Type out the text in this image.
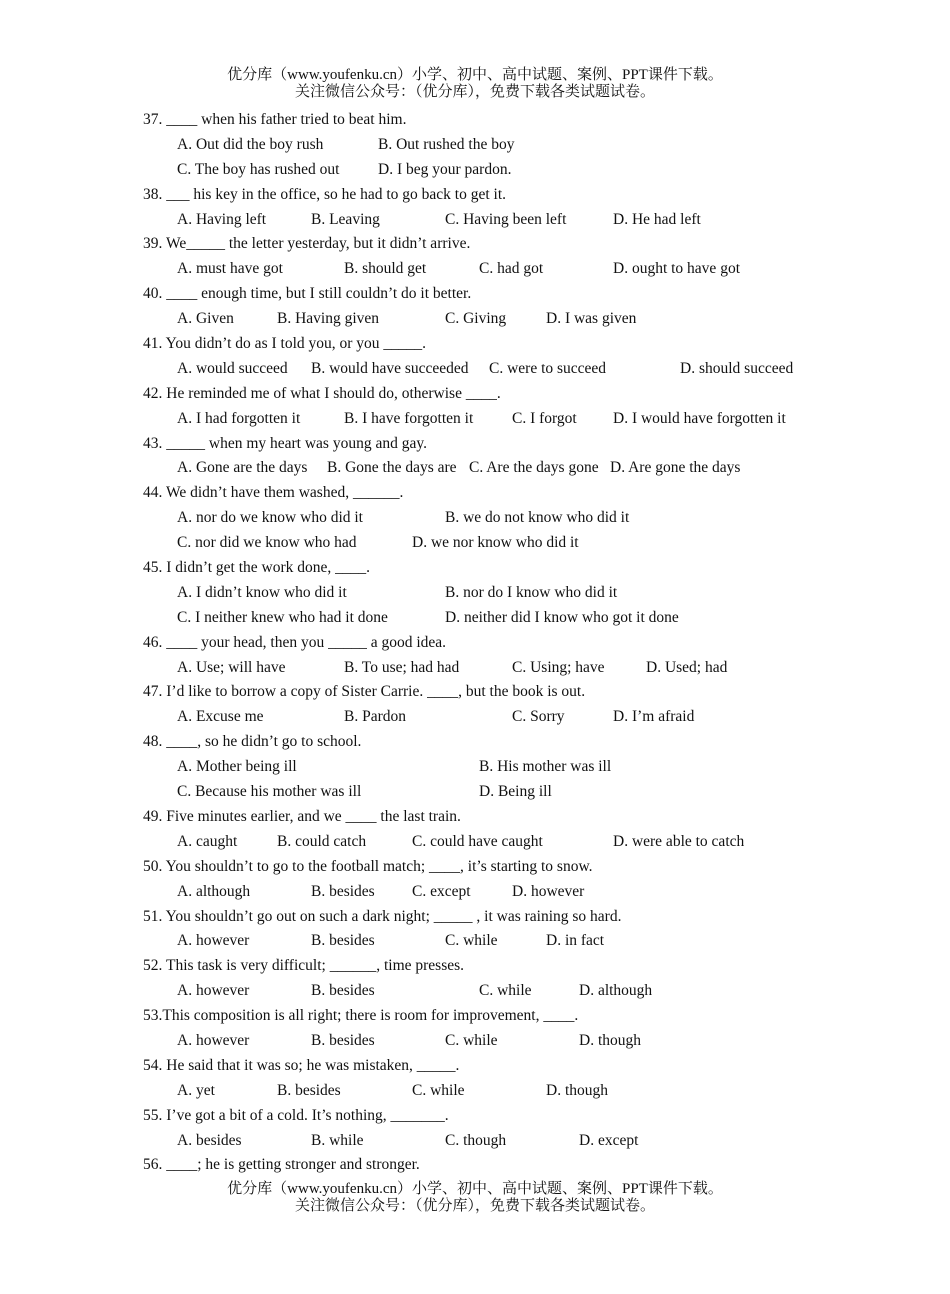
优分库（www.youfenku.cn）小学、初中、高中试题、案例、PPT课件下载。
关注微信公众号：（优分库），免费下载各类试题试卷。
37. ____ when his father tried to beat him.
A. Out did the boy rush	B. Out rushed the boy
C. The boy has rushed out D. I beg your pardon.
38. ___ his key in the office, so he had to go back to get it.
A. Having left	B. Leaving	C. Having been left	D. He had left
39. We_____ the letter yesterday, but it didn’t arrive.
A. must have got	B. should get	C. had got	D. ought to have got
40. ____ enough time, but I still couldn’t do it better.
A. Given	B. Having given	C. Giving	D. I was given
41. You didn’t do as I told you, or you _____.
A. would succeed B. would have succeeded C. were to succeed	D. should succeed
42. He reminded me of what I should do, otherwise ____.
A. I had forgotten it	B. I have forgotten it C. I forgot D. I would have forgotten it
43. _____ when my heart was young and gay.
A. Gone are the days B. Gone the days are C. Are the days gone D. Are gone the days
44. We didn’t have them washed, ______.
A. nor do we know who did it	B. we do not know who did it
C. nor did we know who had	D. we nor know who did it
45. I didn’t get the work done, ____.
A. I didn’t know who did it	B. nor do I know who did it
C. I neither knew who had it done	D. neither did I know who got it done
46. ____ your head, then you _____ a good idea.
A. Use; will have	B. To use; had had	C. Using; have	D. Used; had
47. I’d like to borrow a copy of Sister Carrie. ____, but the book is out.
A. Excuse me	B. Pardon	C. Sorry	D. I’m afraid
48. ____, so he didn’t go to school.
A. Mother being ill	B. His mother was ill
C. Because his mother was ill	D. Being ill
49. Five minutes earlier, and we ____ the last train.
A. caught	B. could catch	C. could have caught	D. were able to catch
50. You shouldn’t to go to the football match; ____, it’s starting to snow.
A. although	B. besides C. except	D. however
51. You shouldn’t go out on such a dark night; _____ , it was raining so hard.
A. however	B. besides	C. while	D. in fact
52. This task is very difficult; ______, time presses.
A. however	B. besides	C. while	D. although
53.This composition is all right; there is room for improvement, ____.
A. however	B. besides	C. while	D. though
54. He said that it was so; he was mistaken, _____.
A. yet	B. besides	C. while	D. though
55. I’ve got a bit of a cold. It’s nothing, _______.
A. besides	B. while	C. though	D. except
56. ____; he is getting stronger and stronger.
优分库（www.youfenku.cn）小学、初中、高中试题、案例、PPT课件下载。
关注微信公众号：（优分库），免费下载各类试题试卷。
